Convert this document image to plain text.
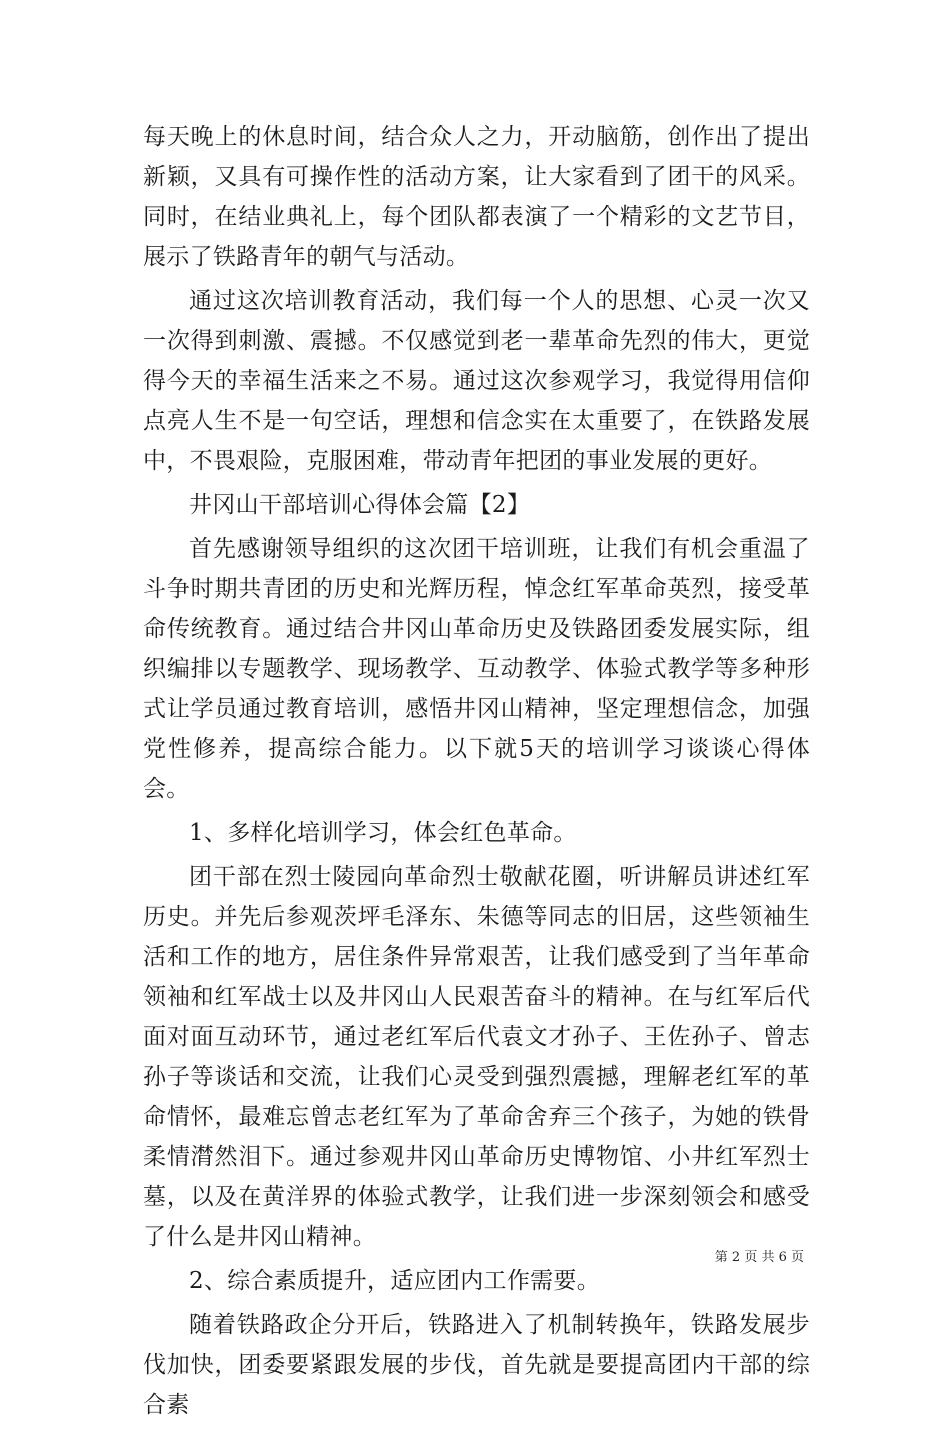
每天晚上的休息时间，结合众人之力，开动脑筋，创作出了提出新颖，又具有可操作性的活动方案，让大家看到了团干的风采。同时，在结业典礼上，每个团队都表演了一个精彩的文艺节目，展示了铁路青年的朝气与活动。

通过这次培训教育活动，我们每一个人的思想、心灵一次又一次得到刺激、震撼。不仅感觉到老一辈革命先烈的伟大，更觉得今天的幸福生活来之不易。通过这次参观学习，我觉得用信仰点亮人生不是一句空话，理想和信念实在太重要了，在铁路发展中，不畏艰险，克服困难，带动青年把团的事业发展的更好。

井冈山干部培训心得体会篇【2】

首先感谢领导组织的这次团干培训班，让我们有机会重温了斗争时期共青团的历史和光辉历程，悼念红军革命英烈，接受革命传统教育。通过结合井冈山革命历史及铁路团委发展实际，组织编排以专题教学、现场教学、互动教学、体验式教学等多种形式让学员通过教育培训，感悟井冈山精神，坚定理想信念，加强党性修养，提高综合能力。以下就5天的培训学习谈谈心得体会。

1、多样化培训学习，体会红色革命。

团干部在烈士陵园向革命烈士敬献花圈，听讲解员讲述红军历史。并先后参观茨坪毛泽东、朱德等同志的旧居，这些领袖生活和工作的地方，居住条件异常艰苦，让我们感受到了当年革命领袖和红军战士以及井冈山人民艰苦奋斗的精神。在与红军后代面对面互动环节，通过老红军后代袁文才孙子、王佐孙子、曾志孙子等谈话和交流，让我们心灵受到强烈震撼，理解老红军的革命情怀，最难忘曾志老红军为了革命舍弃三个孩子，为她的铁骨柔情潸然泪下。通过参观井冈山革命历史博物馆、小井红军烈士墓，以及在黄洋界的体验式教学，让我们进一步深刻领会和感受了什么是井冈山精神。

2、综合素质提升，适应团内工作需要。

随着铁路政企分开后，铁路进入了机制转换年，铁路发展步伐加快，团委要紧跟发展的步伐，首先就是要提高团内干部的综合素

第 2 页 共 6 页
